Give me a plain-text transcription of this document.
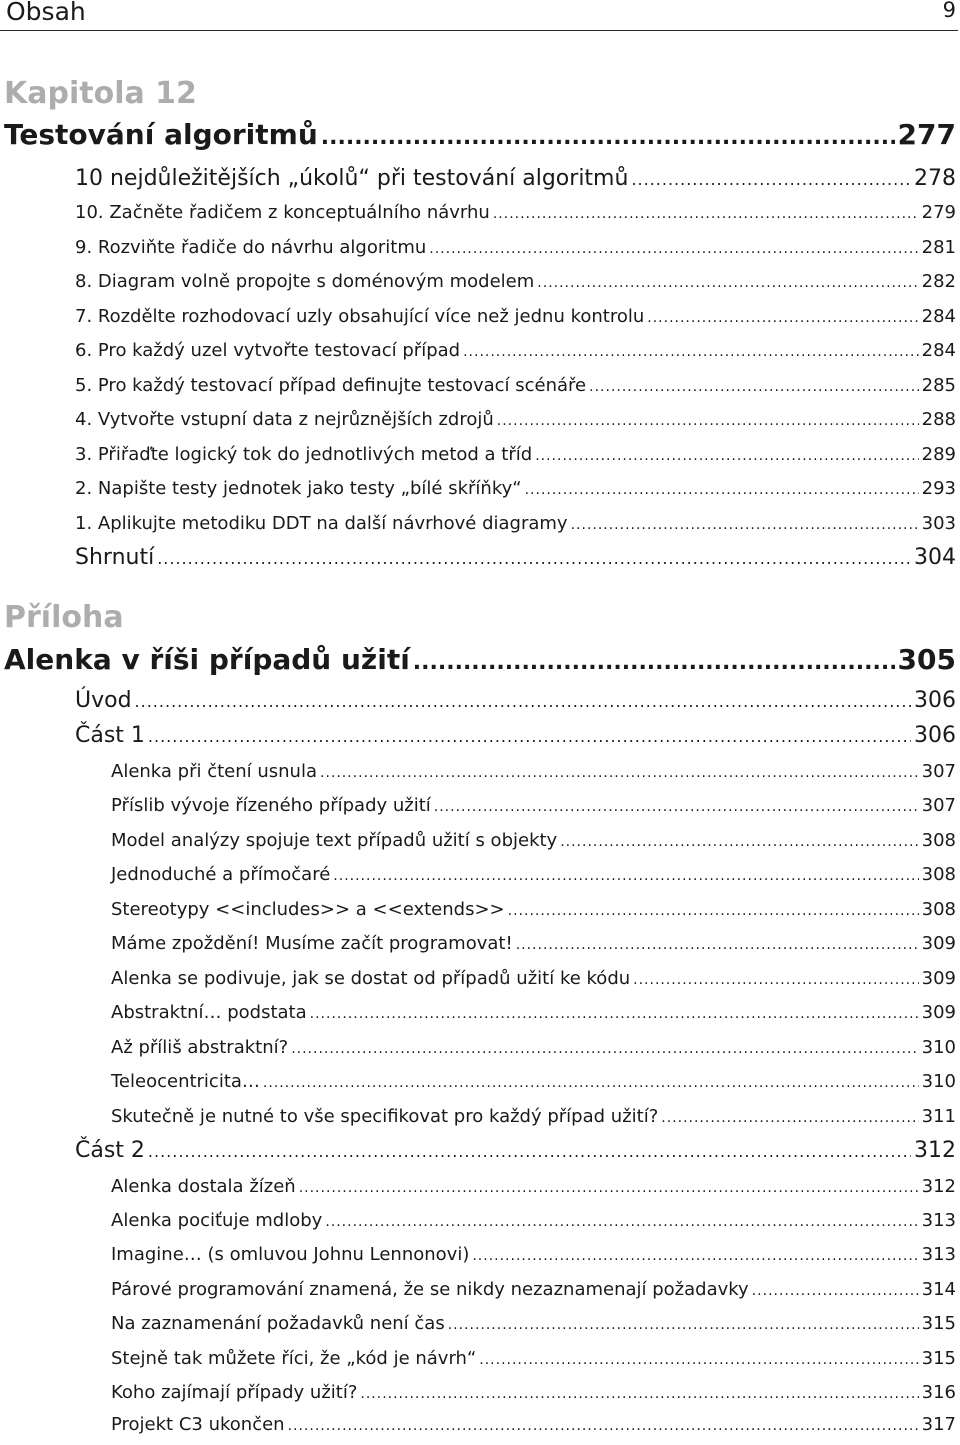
Obsah	9
Kapitola 12
Testování algoritmů .....	277
10 nejdůležitějších „úkolů“ při testování algoritmů .....	278
10. Začněte řadičem z konceptuálního návrhu .....	279
9. Rozviňte řadiče do návrhu algoritmu .....	281
8. Diagram volně propojte s doménovým modelem .....	282
7. Rozdělte rozhodovací uzly obsahující více než jednu kontrolu .....	284
6. Pro každý uzel vytvořte testovací případ .....	284
5. Pro každý testovací případ definujte testovací scénáře .....	285
4. Vytvořte vstupní data z nejrůznějších zdrojů .....	288
3. Přiřaďte logický tok do jednotlivých metod a tříd .....	289
2. Napište testy jednotek jako testy „bílé skříňky“ .....	293
1. Aplikujte metodiku DDT na další návrhové diagramy .....	303
Shrnutí .....	304
Příloha
Alenka v říši případů užití .....	305
Úvod .....	306
Část 1 .....	306
Alenka při čtení usnula .....	307
Příslib vývoje řízeného případy užití .....	307
Model analýzy spojuje text případů užití s objekty .....	308
Jednoduché a přímočaré .....	308
Stereotypy <<includes>> a <<extends>> .....	308
Máme zpoždění! Musíme začít programovat! .....	309
Alenka se podivuje, jak se dostat od případů užití ke kódu .....	309
Abstraktní… podstata .....	309
Až příliš abstraktní? .....	310
Teleocentricita… .....	310
Skutečně je nutné to vše specifikovat pro každý případ užití? .....	311
Část 2 .....	312
Alenka dostala žízeň .....	312
Alenka pociťuje mdloby .....	313
Imagine… (s omluvou Johnu Lennonovi) .....	313
Párové programování znamená, že se nikdy nezaznamenají požadavky .....	314
Na zaznamenání požadavků není čas .....	315
Stejně tak můžete říci, že „kód je návrh“ .....	315
Koho zajímají případy užití? .....	316
Projekt C3 ukončen .....	317
